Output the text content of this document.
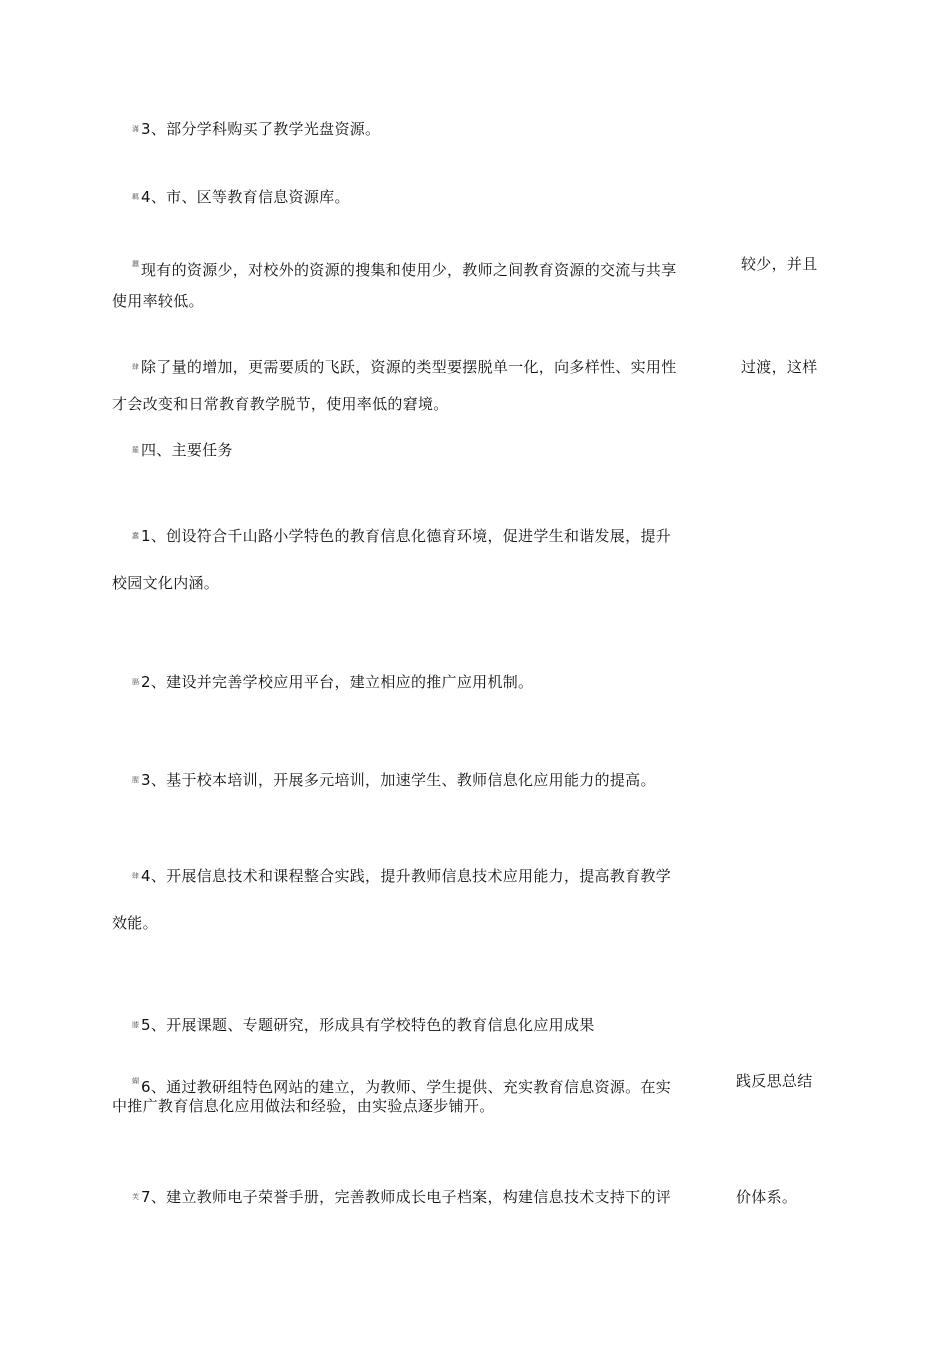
$^滿$ 3、部分学科购买了教学光盘资源。
$^羁$ 4、市、区等教育信息资源库。
$^蠶$ 现有的资源少，对校外的资源的搜集和使用少，教师之间教育资源的交流与共享	较少，并且
使用率较低。
$^肆$ 除了量的增加，更需要质的飞跃，资源的类型要摆脱单一化，向多样性、实用性	过渡，这样
才会改变和日常教育教学脱节，使用率低的窘境。
$^羅$ 四、主要任务
$^蠢$ 1、创设符合千山路小学特色的教育信息化德育环境，促进学生和谐发展，提升
校园文化内涵。
$^膈$ 2、建设并完善学校应用平台，建立相应的推广应用机制。
$^腥$ 3、基于校本培训，开展多元培训，加速学生、教师信息化应用能力的提高。
$^肆$ 4、开展信息技术和课程整合实践，提升教师信息技术应用能力，提高教育教学
效能。
$^膝$ 5、开展课题、专题研究，形成具有学校特色的教育信息化应用成果
$^蝴$ 6、通过教研组特色网站的建立，为教师、学生提供、充实教育信息资源。在实	践反思总结
中推广教育信息化应用做法和经验，由实验点逐步铺开。
$^芙$ 7、建立教师电子荣誉手册，完善教师成长电子档案，构建信息技术支持下的评	价体系。
